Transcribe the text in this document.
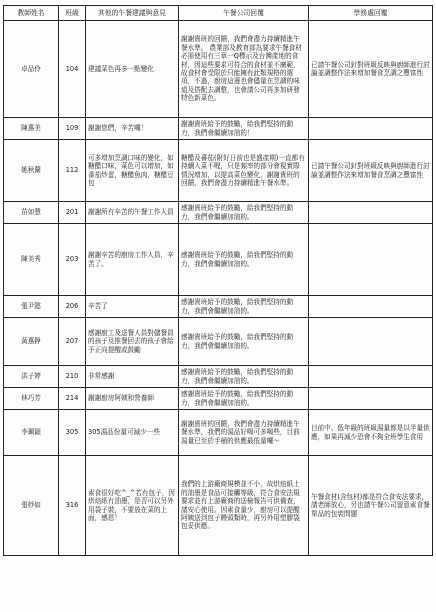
教師姓名	班級	其他的午餐建議與意見	午餐公司回覆	學務處回覆
卓品伶	104	建議菜色再多一點變化	謝謝貴班的回饋，我們會盡力持續精進午餐水準。 農業部及教育部為要求午餐食材必需使用有三章一Q標示及台灣產地的食材，因這些要求可符合的食材並不廣範，故食材會受限於只能擁有此類規格的選項，不過，廚房這邊也會儘量在烹調的味道及搭配去調整，也會請公司再多加研發特色新菜色。	已請午餐公司針對班級反映與廚師進行討論並調整作法來增加餐食烹調之豐富性
陳惠美	109	謝謝您們，辛苦囉！	謝謝貴班給予的鼓勵，給我們堅持的動力，我們會繼續加油的！	
姚秋蘭	112	可多增加烹調口味的變化，如糖醋口味，菜色可以增加，如番茄炒蛋，糖醋魚肉，糖醋豆包	糖醋及蕃茄(附好日前也是盛產期)一直都有持續入菜不喔，只是頻率的部分會視實際情況增加，以提高菜色變化，謝謝貴班的回饋，我們會盡力持續精進午餐水準。	已請午餐公司針對班級反映與廚師進行討論並調整作法來增加餐食烹調之豐富性
苗如慧	201	謝謝所有辛苦的午餐工作人員	感謝貴班給予的鼓勵，給我們堅持的動力，我們會繼續加油的。	
陳美秀	203	謝謝辛苦的廚房工作人員，辛苦了。	感謝貴班給予的鼓勵，給我們堅持的動力，我們會繼續加油的。	
張尹懿	206	辛苦了	感謝貴班給予的鼓勵，給我們堅持的動力，我們會繼續加油的。	
黃惠錚	207	感謝廚工及送餐人員對儲餐員的孩子及推餐回去的孩子會給予正向提醒或鼓勵	感謝貴班給予的鼓勵，給我們堅持的動力，我們會繼續加油的。	
洪子婷	210	非常感謝	感謝貴班給予的鼓勵，給我們堅持的動力，我們會繼續加油的。	
林巧芳	214	謝謝廚房阿姨和營養師	感謝貴班給予的鼓勵，給我們堅持的動力，我們會繼續加油的。	
李珮穎	305	305湯品份量可減少一些	謝謝貴班的回饋，我們會盡力持續精進午餐水準，我們的湯品好喝可多喝些，目前湯量已至於手桶的供應最低量囉～	目前中、低年級的班級湯量都是以半量供應，如果再減少恐會不夠全班學生食用
張妙如	316	素食很好吃^_^若有包子，因烘焙紙有油墨，是否可以另外用袋子裝，不要放在菜的上面，感恩！	我們的上游廠商規模並不小，故烘焙紙上的油墨是食品可接觸等級，符合食安法規要求並有上游廠商的送檢報告可供備查，請安心使用。因素食量少，廚房可以提醒阿姨送到包子饅頭類時，再另外用塑膠袋包妥供應。	午餐食材(含包材)都是符合食安法要求，請老師放心，另也請午餐公司留意素食餐單品的包裝問題
